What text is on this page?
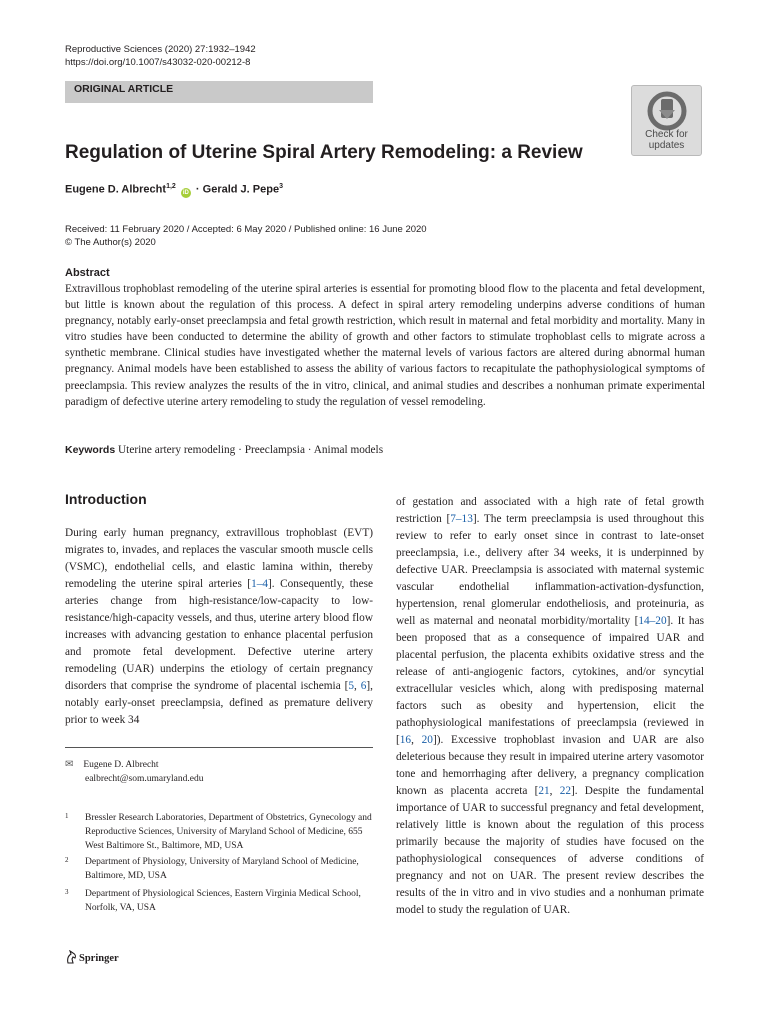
Reproductive Sciences (2020) 27:1932–1942
https://doi.org/10.1007/s43032-020-00212-8
ORIGINAL ARTICLE
Check for
updates
Regulation of Uterine Spiral Artery Remodeling: a Review
Eugene D. Albrecht$^{1,2}$ iD · Gerald J. Pepe$^3$
Received: 11 February 2020 / Accepted: 6 May 2020 / Published online: 16 June 2020
© The Author(s) 2020
Abstract

Extravillous trophoblast remodeling of the uterine spiral arteries is essential for promoting blood flow to the placenta and fetal development, but little is known about the regulation of this process. A defect in spiral artery remodeling underpins adverse conditions of human pregnancy, notably early-onset preeclampsia and fetal growth restriction, which result in maternal and fetal morbidity and mortality. Many in vitro studies have been conducted to determine the ability of growth and other factors to stimulate trophoblast cells to migrate across a synthetic membrane. Clinical studies have investigated whether the maternal levels of various factors are altered during abnormal human pregnancy. Animal models have been established to assess the ability of various factors to recapitulate the pathophysiological symptoms of preeclampsia. This review analyzes the results of the in vitro, clinical, and animal studies and describes a nonhuman primate experimental paradigm of defective uterine artery remodeling to study the regulation of vessel remodeling.

Keywords Uterine artery remodeling · Preeclampsia · Animal models
Introduction

During early human pregnancy, extravillous trophoblast (EVT) migrates to, invades, and replaces the vascular smooth muscle cells (VSMC), endothelial cells, and elastic lamina within, thereby remodeling the uterine spiral arteries [1–4]. Consequently, these arteries change from high-resistance/low-capacity to low-resistance/high-capacity vessels, and thus, uterine artery blood flow increases with advancing gestation to enhance placental perfusion and promote fetal development. Defective uterine artery remodeling (UAR) underpins the etiology of certain pregnancy disorders that comprise the syndrome of placental ischemia [5, 6], notably early-onset preeclampsia, defined as premature delivery prior to week 34

of gestation and associated with a high rate of fetal growth restriction [7–13]. The term preeclampsia is used throughout this review to refer to early onset since in contrast to late-onset preeclampsia, i.e., delivery after 34 weeks, it is underpinned by defective UAR. Preeclampsia is associated with maternal systemic vascular endothelial inflammation-activation-dysfunction, hypertension, renal glomerular endotheliosis, and proteinuria, as well as maternal and neonatal morbidity/mortality [14–20]. It has been proposed that as a consequence of impaired UAR and placental perfusion, the placenta exhibits oxidative stress and the release of anti-angiogenic factors, cytokines, and/or syncytial extracellular vesicles which, along with predisposing maternal factors such as obesity and hypertension, elicit the pathophysiological manifestations of preeclampsia (reviewed in [16, 20]). Excessive trophoblast invasion and UAR are also deleterious because they result in impaired uterine artery vasomotor tone and hemorrhaging after delivery, a pregnancy complication known as placenta accreta [21, 22]. Despite the fundamental importance of UAR to successful pregnancy and fetal development, relatively little is known about the regulation of this process primarily because the majority of studies have focused on the pathophysiological consequences of adverse conditions of pregnancy and not on UAR. The present review describes the results of the in vitro and in vivo studies and a nonhuman primate model to study the regulation of UAR.

✉ Eugene D. Albrecht
ealbrecht@som.umaryland.edu
1 Bressler Research Laboratories, Department of Obstetrics, Gynecology and Reproductive Sciences, University of Maryland School of Medicine, 655 West Baltimore St., Baltimore, MD, USA
2 Department of Physiology, University of Maryland School of Medicine, Baltimore, MD, USA
3 Department of Physiological Sciences, Eastern Virginia Medical School, Norfolk, VA, USA
Springer
